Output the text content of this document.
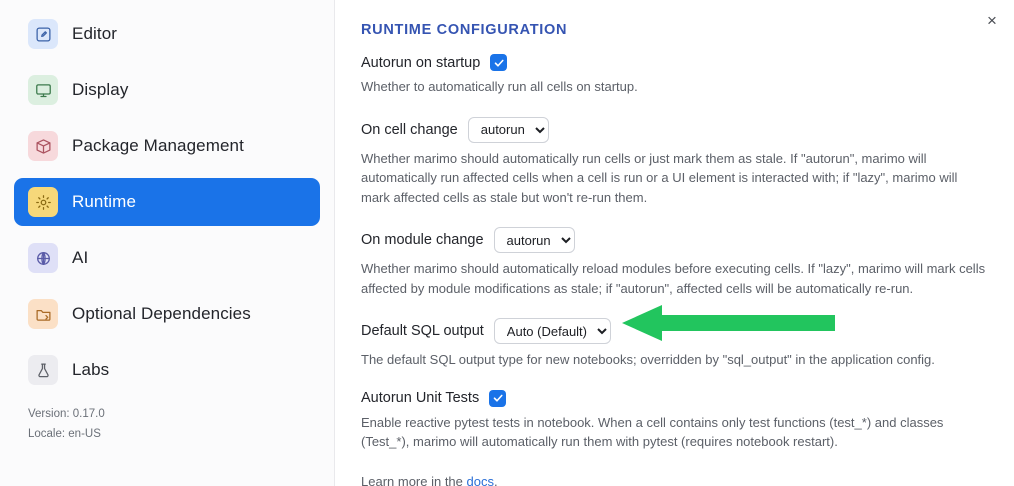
Editor
Display
Package Management
Runtime
AI
Optional Dependencies
Labs
Version: 0.17.0
Locale: en-US
×
RUNTIME CONFIGURATION
Autorun on startup
Whether to automatically run all cells on startup.
On cell change
autorun
Whether marimo should automatically run cells or just mark them as stale. If "autorun", marimo will automatically run affected cells when a cell is run or a UI element is interacted with; if "lazy", marimo will mark affected cells as stale but won't re-run them.
On module change
autorun
Whether marimo should automatically reload modules before executing cells. If "lazy", marimo will mark cells affected by module modifications as stale; if "autorun", affected cells will be automatically re-run.
Default SQL output
Auto (Default)
The default SQL output type for new notebooks; overridden by "sql_output" in the application config.
Autorun Unit Tests
Enable reactive pytest tests in notebook. When a cell contains only test functions (test_*) and classes (Test_*), marimo will automatically run them with pytest (requires notebook restart).
Learn more in the docs.
